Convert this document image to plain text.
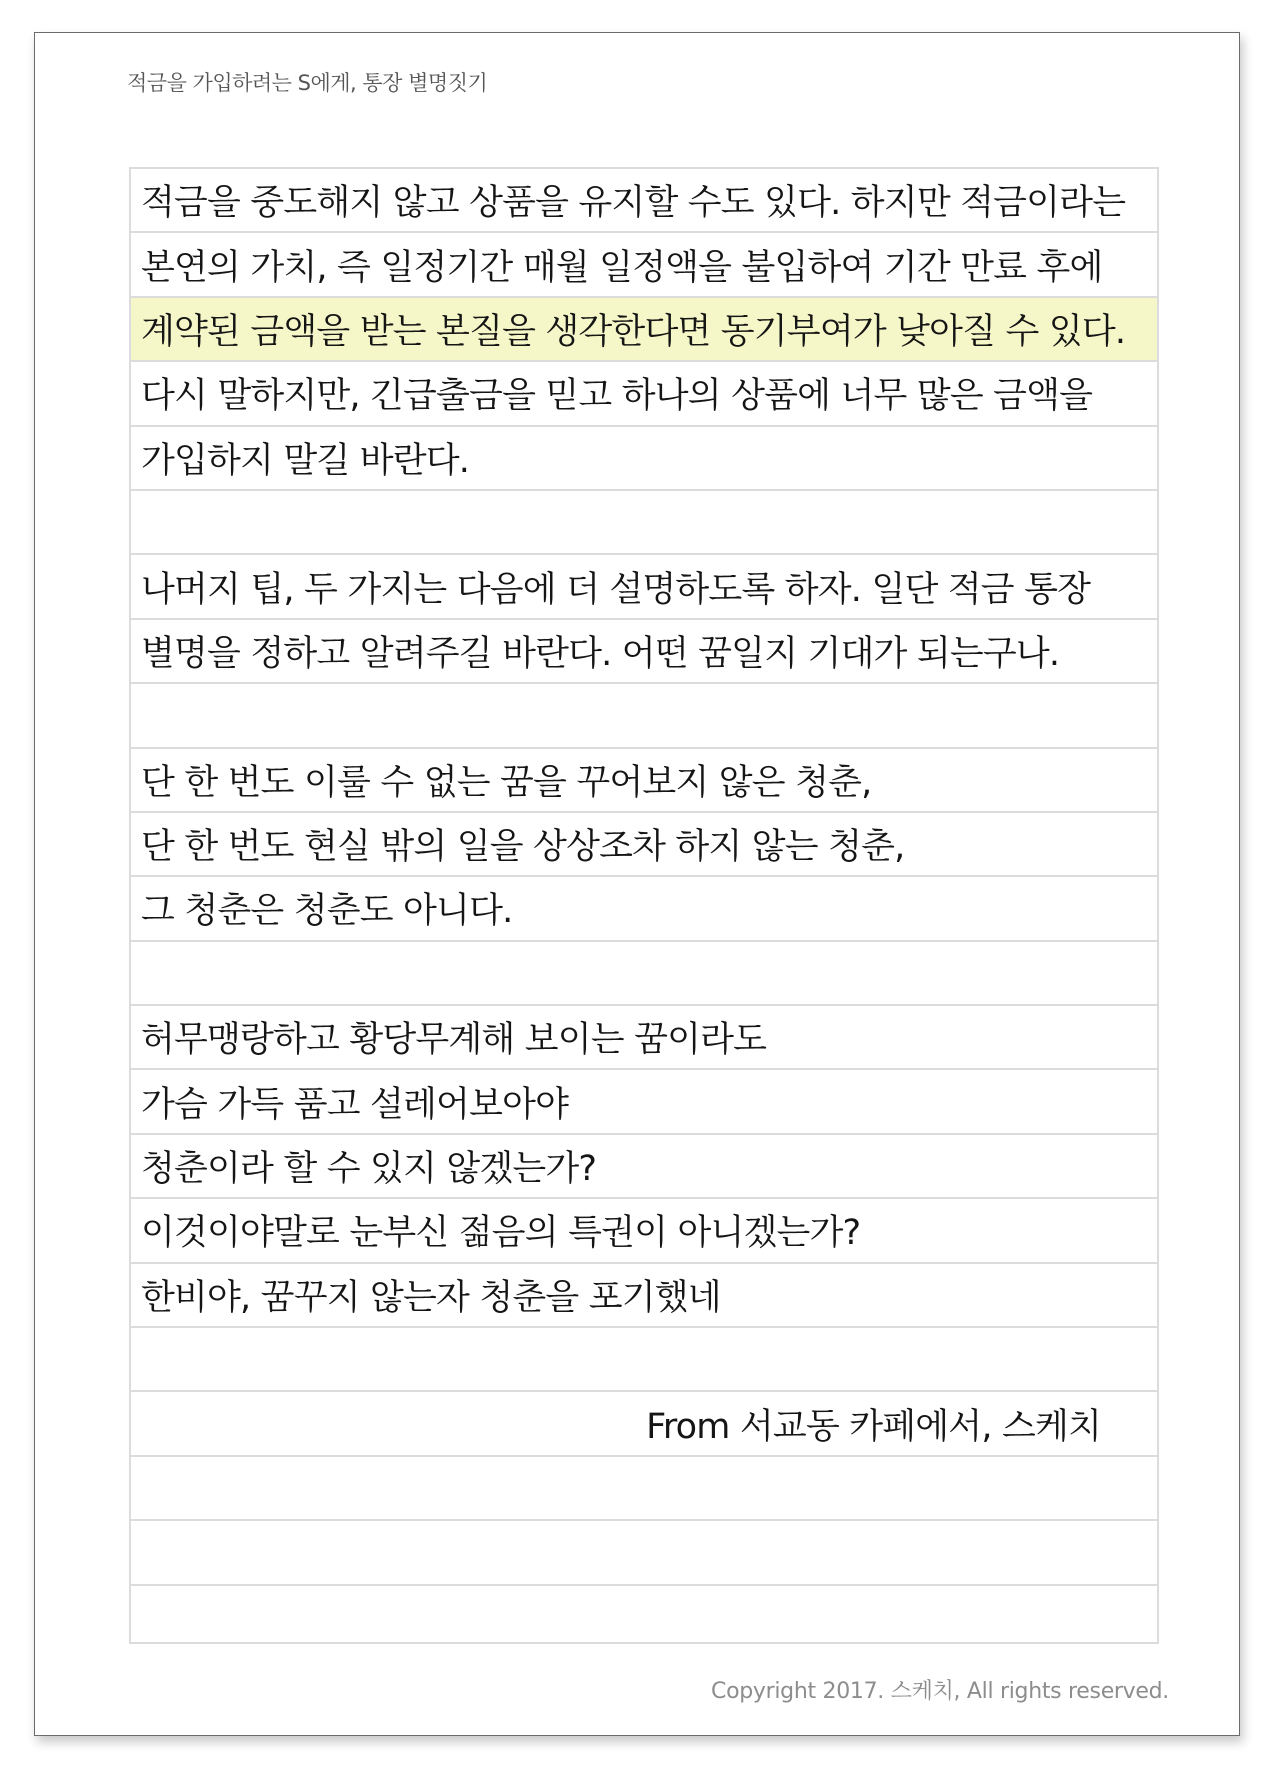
적금을 가입하려는 S에게, 통장 별명짓기
적금을 중도해지 않고 상품을 유지할 수도 있다. 하지만 적금이라는
본연의 가치, 즉 일정기간 매월 일정액을 불입하여 기간 만료 후에
계약된 금액을 받는 본질을 생각한다면 동기부여가 낮아질 수 있다.
다시 말하지만, 긴급출금을 믿고 하나의 상품에 너무 많은 금액을
가입하지 말길 바란다.
나머지 팁, 두 가지는 다음에 더 설명하도록 하자. 일단 적금 통장
별명을 정하고 알려주길 바란다. 어떤 꿈일지 기대가 되는구나.
단 한 번도 이룰 수 없는 꿈을 꾸어보지 않은 청춘,
단 한 번도 현실 밖의 일을 상상조차 하지 않는 청춘,
그 청춘은 청춘도 아니다.
허무맹랑하고 황당무계해 보이는 꿈이라도
가슴 가득 품고 설레어보아야
청춘이라 할 수 있지 않겠는가?
이것이야말로 눈부신 젊음의 특권이 아니겠는가?
한비야, 꿈꾸지 않는자 청춘을 포기했네
From 서교동 카페에서, 스케치
Copyright 2017. 스케치, All rights reserved.
